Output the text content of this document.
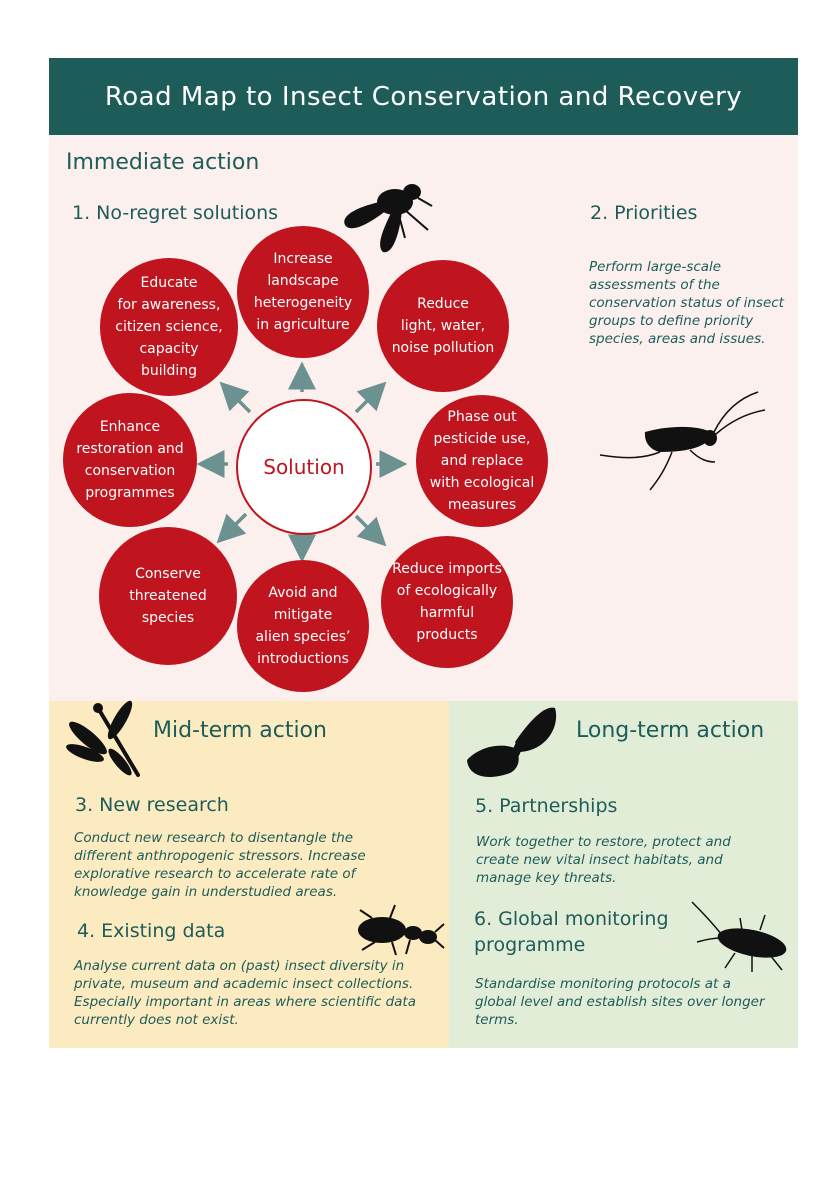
Road Map to Insect Conservation and Recovery
Immediate action
1. No-regret solutions	2. Priorities
Perform large-scale assessments of the conservation status of insect groups to define priority species, areas and issues.
Increase
landscape
heterogeneity
in agriculture
Reduce
light, water,
noise pollution
Phase out
pesticide use,
and replace
with ecological
measures
Reduce imports
of ecologically
harmful
products
Avoid and
mitigate
alien species’
introductions
Conserve
threatened
species
Enhance
restoration and
conservation
programmes
Educate
for awareness,
citizen science,
capacity
building
Solution
Mid-term action
3. New research
Conduct new research to disentangle the different anthropogenic stressors. Increase explorative research to accelerate rate of knowledge gain in understudied areas.
4. Existing data
Analyse current data on (past) insect diversity in private, museum and academic insect collections. Especially important in areas where scientific data currently does not exist.
Long-term action
5. Partnerships
Work together to restore, protect and create new vital insect habitats, and manage key threats.
6. Global monitoring
programme
Standardise monitoring protocols at a global level and establish sites over longer terms.
